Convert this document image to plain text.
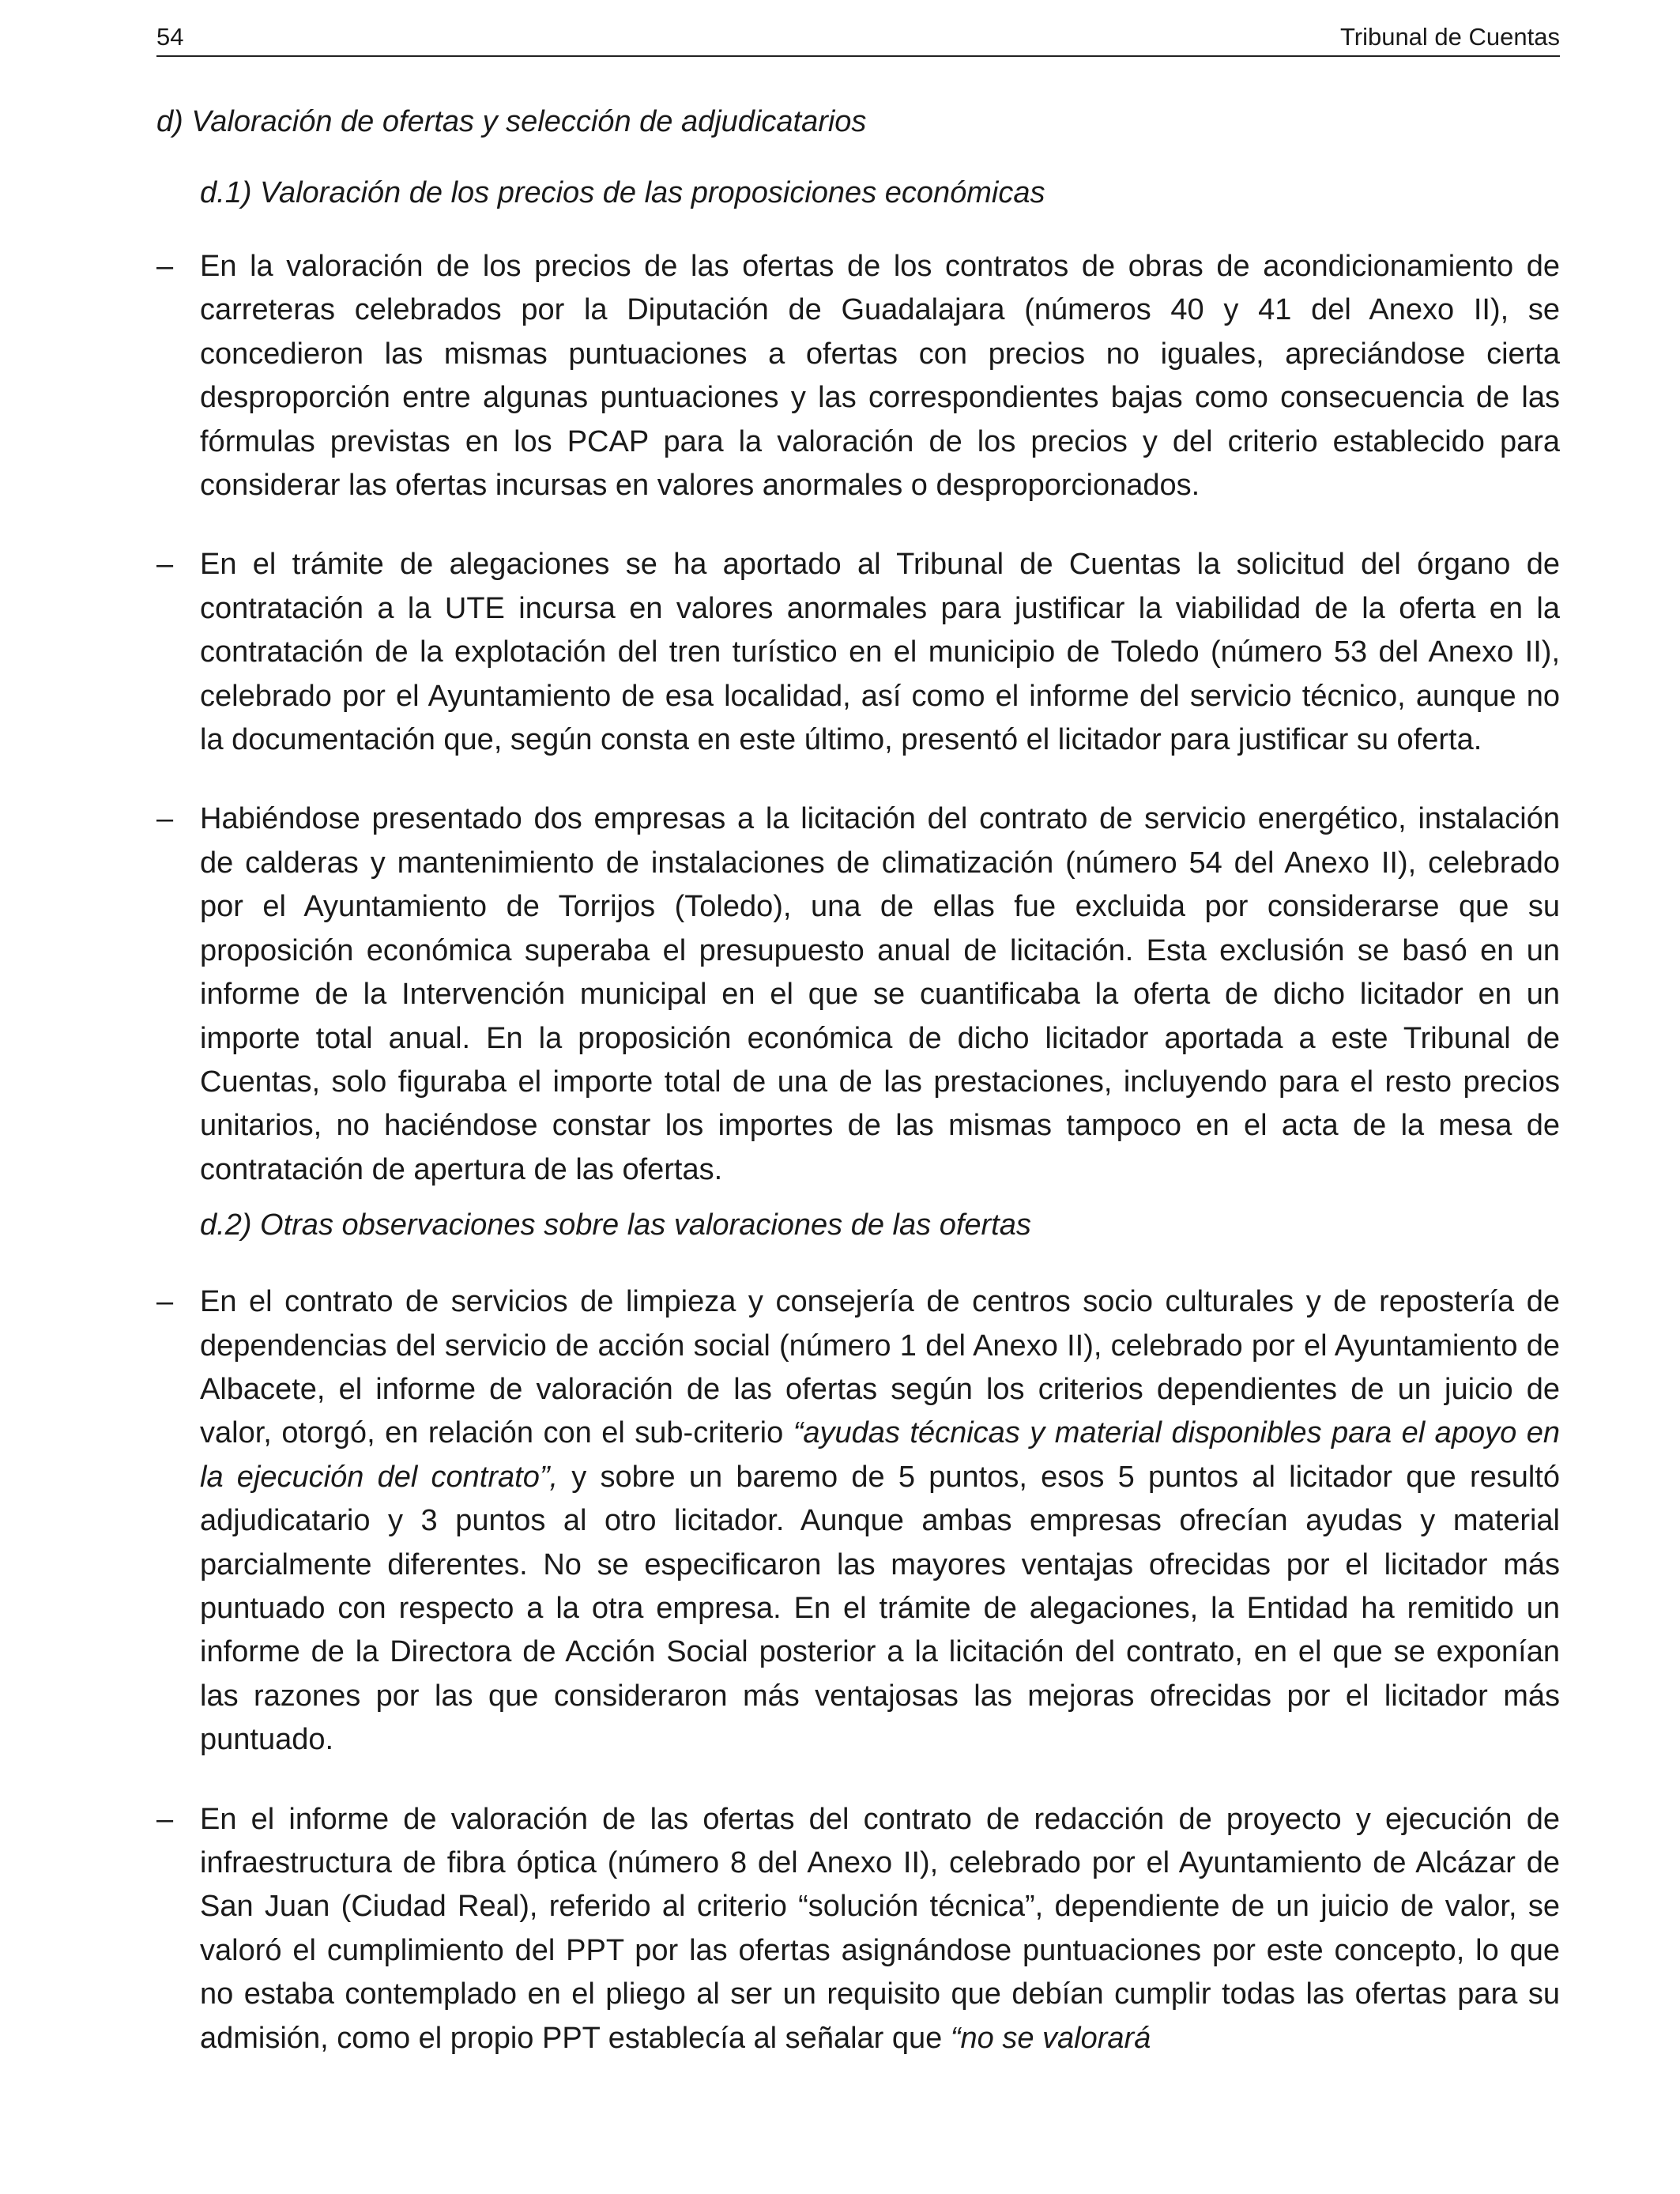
54	Tribunal de Cuentas

d) Valoración de ofertas y selección de adjudicatarios

d.1) Valoración de los precios de las proposiciones económicas

– En la valoración de los precios de las ofertas de los contratos de obras de acondicionamiento de carreteras celebrados por la Diputación de Guadalajara (números 40 y 41 del Anexo II), se concedieron las mismas puntuaciones a ofertas con precios no iguales, apreciándose cierta desproporción entre algunas puntuaciones y las correspondientes bajas como consecuencia de las fórmulas previstas en los PCAP para la valoración de los precios y del criterio establecido para considerar las ofertas incursas en valores anormales o desproporcionados.

– En el trámite de alegaciones se ha aportado al Tribunal de Cuentas la solicitud del órgano de contratación a la UTE incursa en valores anormales para justificar la viabilidad de la oferta en la contratación de la explotación del tren turístico en el municipio de Toledo (número 53 del Anexo II), celebrado por el Ayuntamiento de esa localidad, así como el informe del servicio técnico, aunque no la documentación que, según consta en este último, presentó el licitador para justificar su oferta.

– Habiéndose presentado dos empresas a la licitación del contrato de servicio energético, instalación de calderas y mantenimiento de instalaciones de climatización (número 54 del Anexo II), celebrado por el Ayuntamiento de Torrijos (Toledo), una de ellas fue excluida por considerarse que su proposición económica superaba el presupuesto anual de licitación. Esta exclusión se basó en un informe de la Intervención municipal en el que se cuantificaba la oferta de dicho licitador en un importe total anual. En la proposición económica de dicho licitador aportada a este Tribunal de Cuentas, solo figuraba el importe total de una de las prestaciones, incluyendo para el resto precios unitarios, no haciéndose constar los importes de las mismas tampoco en el acta de la mesa de contratación de apertura de las ofertas.

d.2) Otras observaciones sobre las valoraciones de las ofertas

– En el contrato de servicios de limpieza y consejería de centros socio culturales y de repostería de dependencias del servicio de acción social (número 1 del Anexo II), celebrado por el Ayuntamiento de Albacete, el informe de valoración de las ofertas según los criterios dependientes de un juicio de valor, otorgó, en relación con el sub-criterio “ayudas técnicas y material disponibles para el apoyo en la ejecución del contrato”, y sobre un baremo de 5 puntos, esos 5 puntos al licitador que resultó adjudicatario y 3 puntos al otro licitador. Aunque ambas empresas ofrecían ayudas y material parcialmente diferentes. No se especificaron las mayores ventajas ofrecidas por el licitador más puntuado con respecto a la otra empresa. En el trámite de alegaciones, la Entidad ha remitido un informe de la Directora de Acción Social posterior a la licitación del contrato, en el que se exponían las razones por las que consideraron más ventajosas las mejoras ofrecidas por el licitador más puntuado.

– En el informe de valoración de las ofertas del contrato de redacción de proyecto y ejecución de infraestructura de fibra óptica (número 8 del Anexo II), celebrado por el Ayuntamiento de Alcázar de San Juan (Ciudad Real), referido al criterio “solución técnica”, dependiente de un juicio de valor, se valoró el cumplimiento del PPT por las ofertas asignándose puntuaciones por este concepto, lo que no estaba contemplado en el pliego al ser un requisito que debían cumplir todas las ofertas para su admisión, como el propio PPT establecía al señalar que “no se valorará
